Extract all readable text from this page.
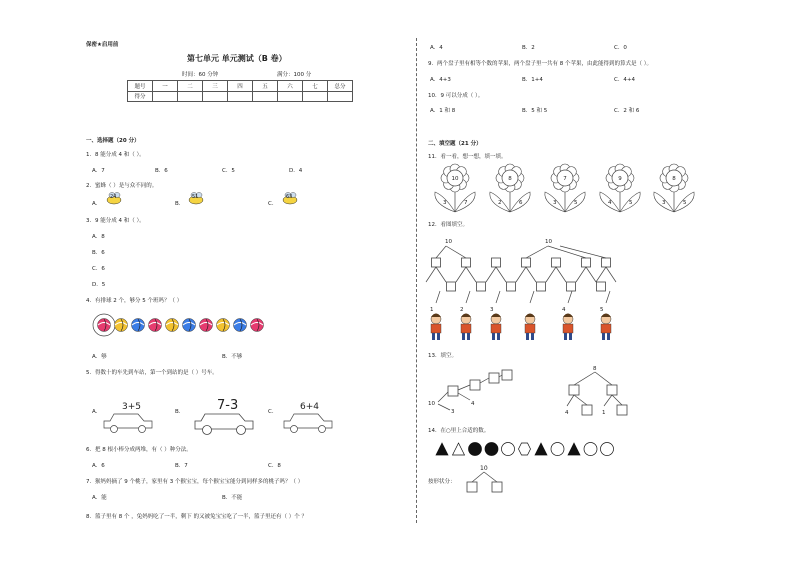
保密★启用前
第七单元 单元测试（B 卷）
时间：60 分钟	满分：100 分
题号	一	二	三	四	五	六	七	总分
得分								
一、选择题（20 分）
1．8 能分成 4 和（ ）。
A．7	B．6	C．5	D．4
2．蜜蜂（ ）是与众不同的。
A．	B．	C．
24	51	63
3．9 能分成 4 和（ ）。
A．8
B．6
C．6
D．5
4．有排球 2 个，够分 5 个班吗？（ ）
A．够	B．不够
5．得数十的车先到车站，第一个到站的是（ ）号车。
A．	B．	C．
3+5	7-3	6+4
6．把 8 根小棒分成两堆，有（ ）种分法。
A．6	B．7	C．8
7．猴妈妈摘了 9 个桃子，家里有 3 个猴宝宝，每个猴宝宝能分到同样多的桃子吗？（ ）
A．能	B．不能
8．篮子里有 8 个 ，兔妈妈吃了一半，剩下 的又被兔宝宝吃了一半，篮子里还有（ ）个 ？
A．4	B．2	C．0
9．两个盘子里有相等个数的苹果，两个盘子里一共有 8 个苹果，由此能得到的算式是（ ）。
A．4+3	B．1+4	C．4+4
10．9 可以分成（ ）。
A．1 和 8	B．5 和 5	C．2 和 6
二、填空题（21 分）
11．看一看，想一想，填一填。
10
3	7
8
2	6
7
3	5
9
4	5
8
3	5
12．看图填空。
10	10
1	2	3	4	5
13．填空。
10
3
4
8
4	1
14．在○里上合适的数。
10
按形状分：
